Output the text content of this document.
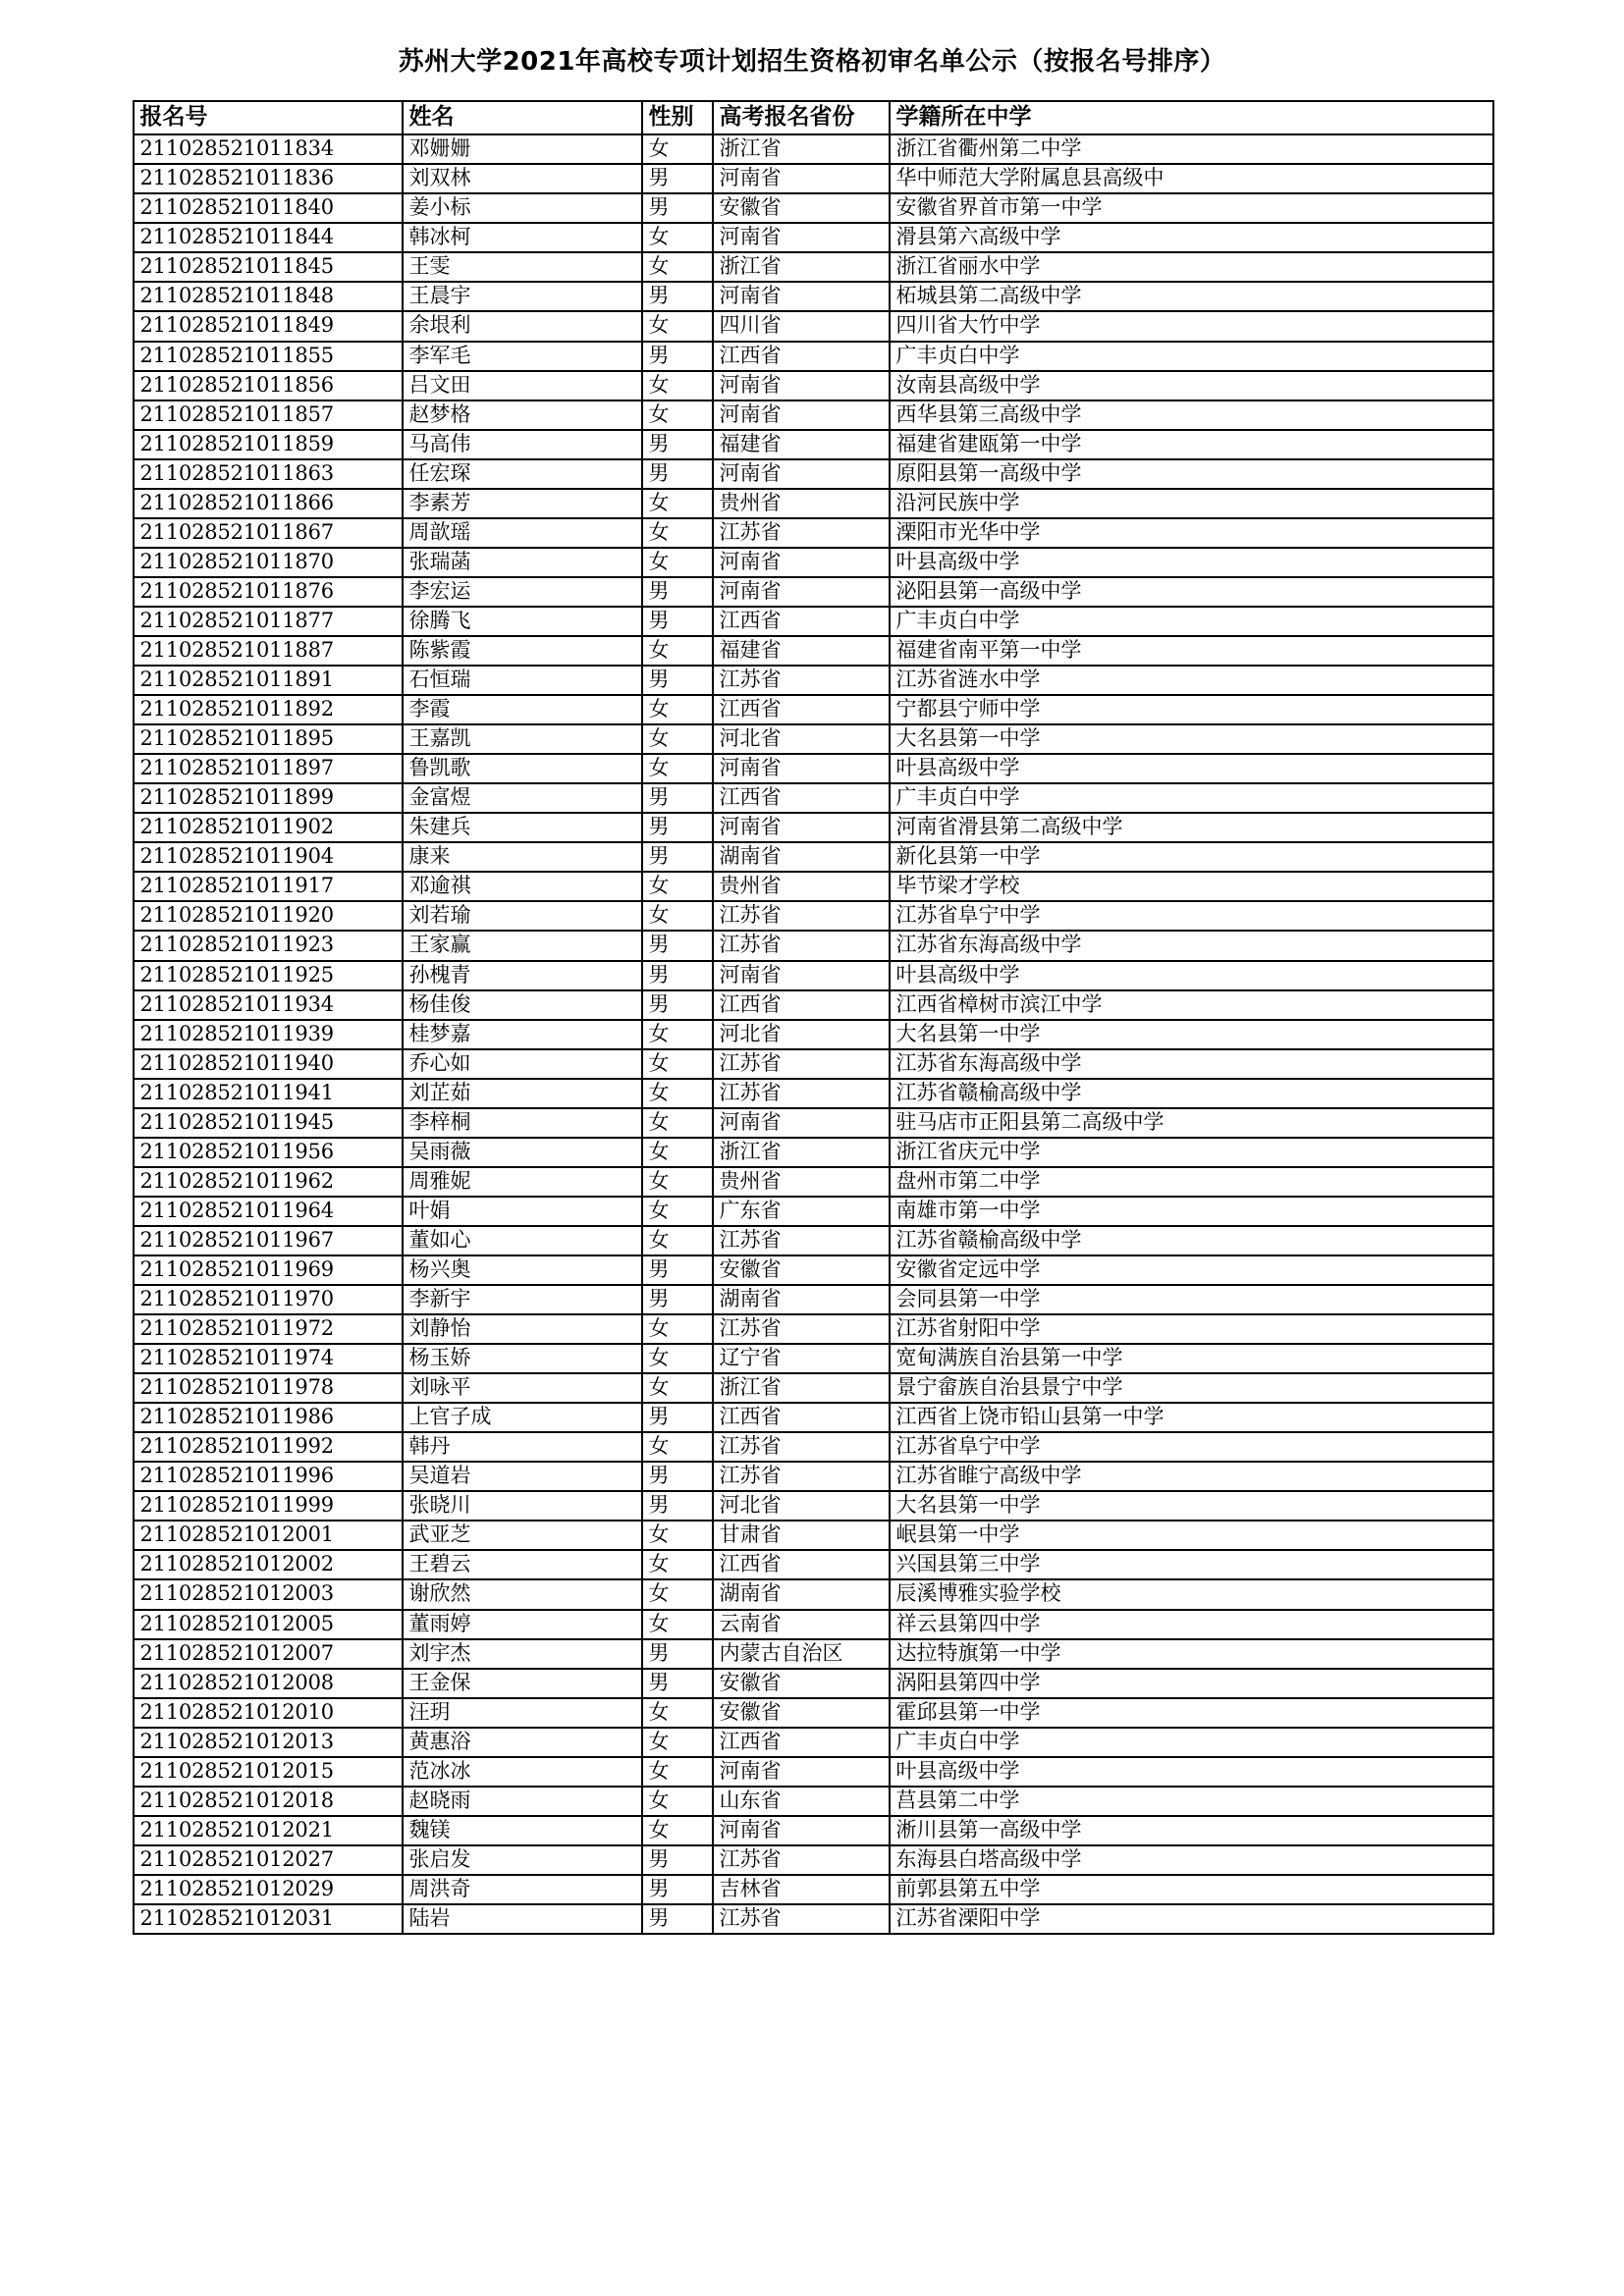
苏州大学2021年高校专项计划招生资格初审名单公示（按报名号排序）
报名号	姓名	性别	高考报名省份	学籍所在中学
211028521011834	邓姗姗	女	浙江省	浙江省衢州第二中学
211028521011836	刘双林	男	河南省	华中师范大学附属息县高级中
211028521011840	姜小标	男	安徽省	安徽省界首市第一中学
211028521011844	韩冰柯	女	河南省	滑县第六高级中学
211028521011845	王雯	女	浙江省	浙江省丽水中学
211028521011848	王晨宇	男	河南省	柘城县第二高级中学
211028521011849	余垠利	女	四川省	四川省大竹中学
211028521011855	李军毛	男	江西省	广丰贞白中学
211028521011856	吕文田	女	河南省	汝南县高级中学
211028521011857	赵梦格	女	河南省	西华县第三高级中学
211028521011859	马高伟	男	福建省	福建省建瓯第一中学
211028521011863	任宏琛	男	河南省	原阳县第一高级中学
211028521011866	李素芳	女	贵州省	沿河民族中学
211028521011867	周歆瑶	女	江苏省	溧阳市光华中学
211028521011870	张瑞菡	女	河南省	叶县高级中学
211028521011876	李宏运	男	河南省	泌阳县第一高级中学
211028521011877	徐腾飞	男	江西省	广丰贞白中学
211028521011887	陈紫霞	女	福建省	福建省南平第一中学
211028521011891	石恒瑞	男	江苏省	江苏省涟水中学
211028521011892	李霞	女	江西省	宁都县宁师中学
211028521011895	王嘉凯	女	河北省	大名县第一中学
211028521011897	鲁凯歌	女	河南省	叶县高级中学
211028521011899	金富煜	男	江西省	广丰贞白中学
211028521011902	朱建兵	男	河南省	河南省滑县第二高级中学
211028521011904	康来	男	湖南省	新化县第一中学
211028521011917	邓逾祺	女	贵州省	毕节梁才学校
211028521011920	刘若瑜	女	江苏省	江苏省阜宁中学
211028521011923	王家赢	男	江苏省	江苏省东海高级中学
211028521011925	孙槐青	男	河南省	叶县高级中学
211028521011934	杨佳俊	男	江西省	江西省樟树市滨江中学
211028521011939	桂梦嘉	女	河北省	大名县第一中学
211028521011940	乔心如	女	江苏省	江苏省东海高级中学
211028521011941	刘芷茹	女	江苏省	江苏省赣榆高级中学
211028521011945	李梓桐	女	河南省	驻马店市正阳县第二高级中学
211028521011956	吴雨薇	女	浙江省	浙江省庆元中学
211028521011962	周雅妮	女	贵州省	盘州市第二中学
211028521011964	叶娟	女	广东省	南雄市第一中学
211028521011967	董如心	女	江苏省	江苏省赣榆高级中学
211028521011969	杨兴奥	男	安徽省	安徽省定远中学
211028521011970	李新宇	男	湖南省	会同县第一中学
211028521011972	刘静怡	女	江苏省	江苏省射阳中学
211028521011974	杨玉娇	女	辽宁省	宽甸满族自治县第一中学
211028521011978	刘咏平	女	浙江省	景宁畲族自治县景宁中学
211028521011986	上官子成	男	江西省	江西省上饶市铅山县第一中学
211028521011992	韩丹	女	江苏省	江苏省阜宁中学
211028521011996	吴道岩	男	江苏省	江苏省睢宁高级中学
211028521011999	张晓川	男	河北省	大名县第一中学
211028521012001	武亚芝	女	甘肃省	岷县第一中学
211028521012002	王碧云	女	江西省	兴国县第三中学
211028521012003	谢欣然	女	湖南省	辰溪博雅实验学校
211028521012005	董雨婷	女	云南省	祥云县第四中学
211028521012007	刘宇杰	男	内蒙古自治区	达拉特旗第一中学
211028521012008	王金保	男	安徽省	涡阳县第四中学
211028521012010	汪玥	女	安徽省	霍邱县第一中学
211028521012013	黄惠浴	女	江西省	广丰贞白中学
211028521012015	范冰冰	女	河南省	叶县高级中学
211028521012018	赵晓雨	女	山东省	莒县第二中学
211028521012021	魏镁	女	河南省	淅川县第一高级中学
211028521012027	张启发	男	江苏省	东海县白塔高级中学
211028521012029	周洪奇	男	吉林省	前郭县第五中学
211028521012031	陆岩	男	江苏省	江苏省溧阳中学
